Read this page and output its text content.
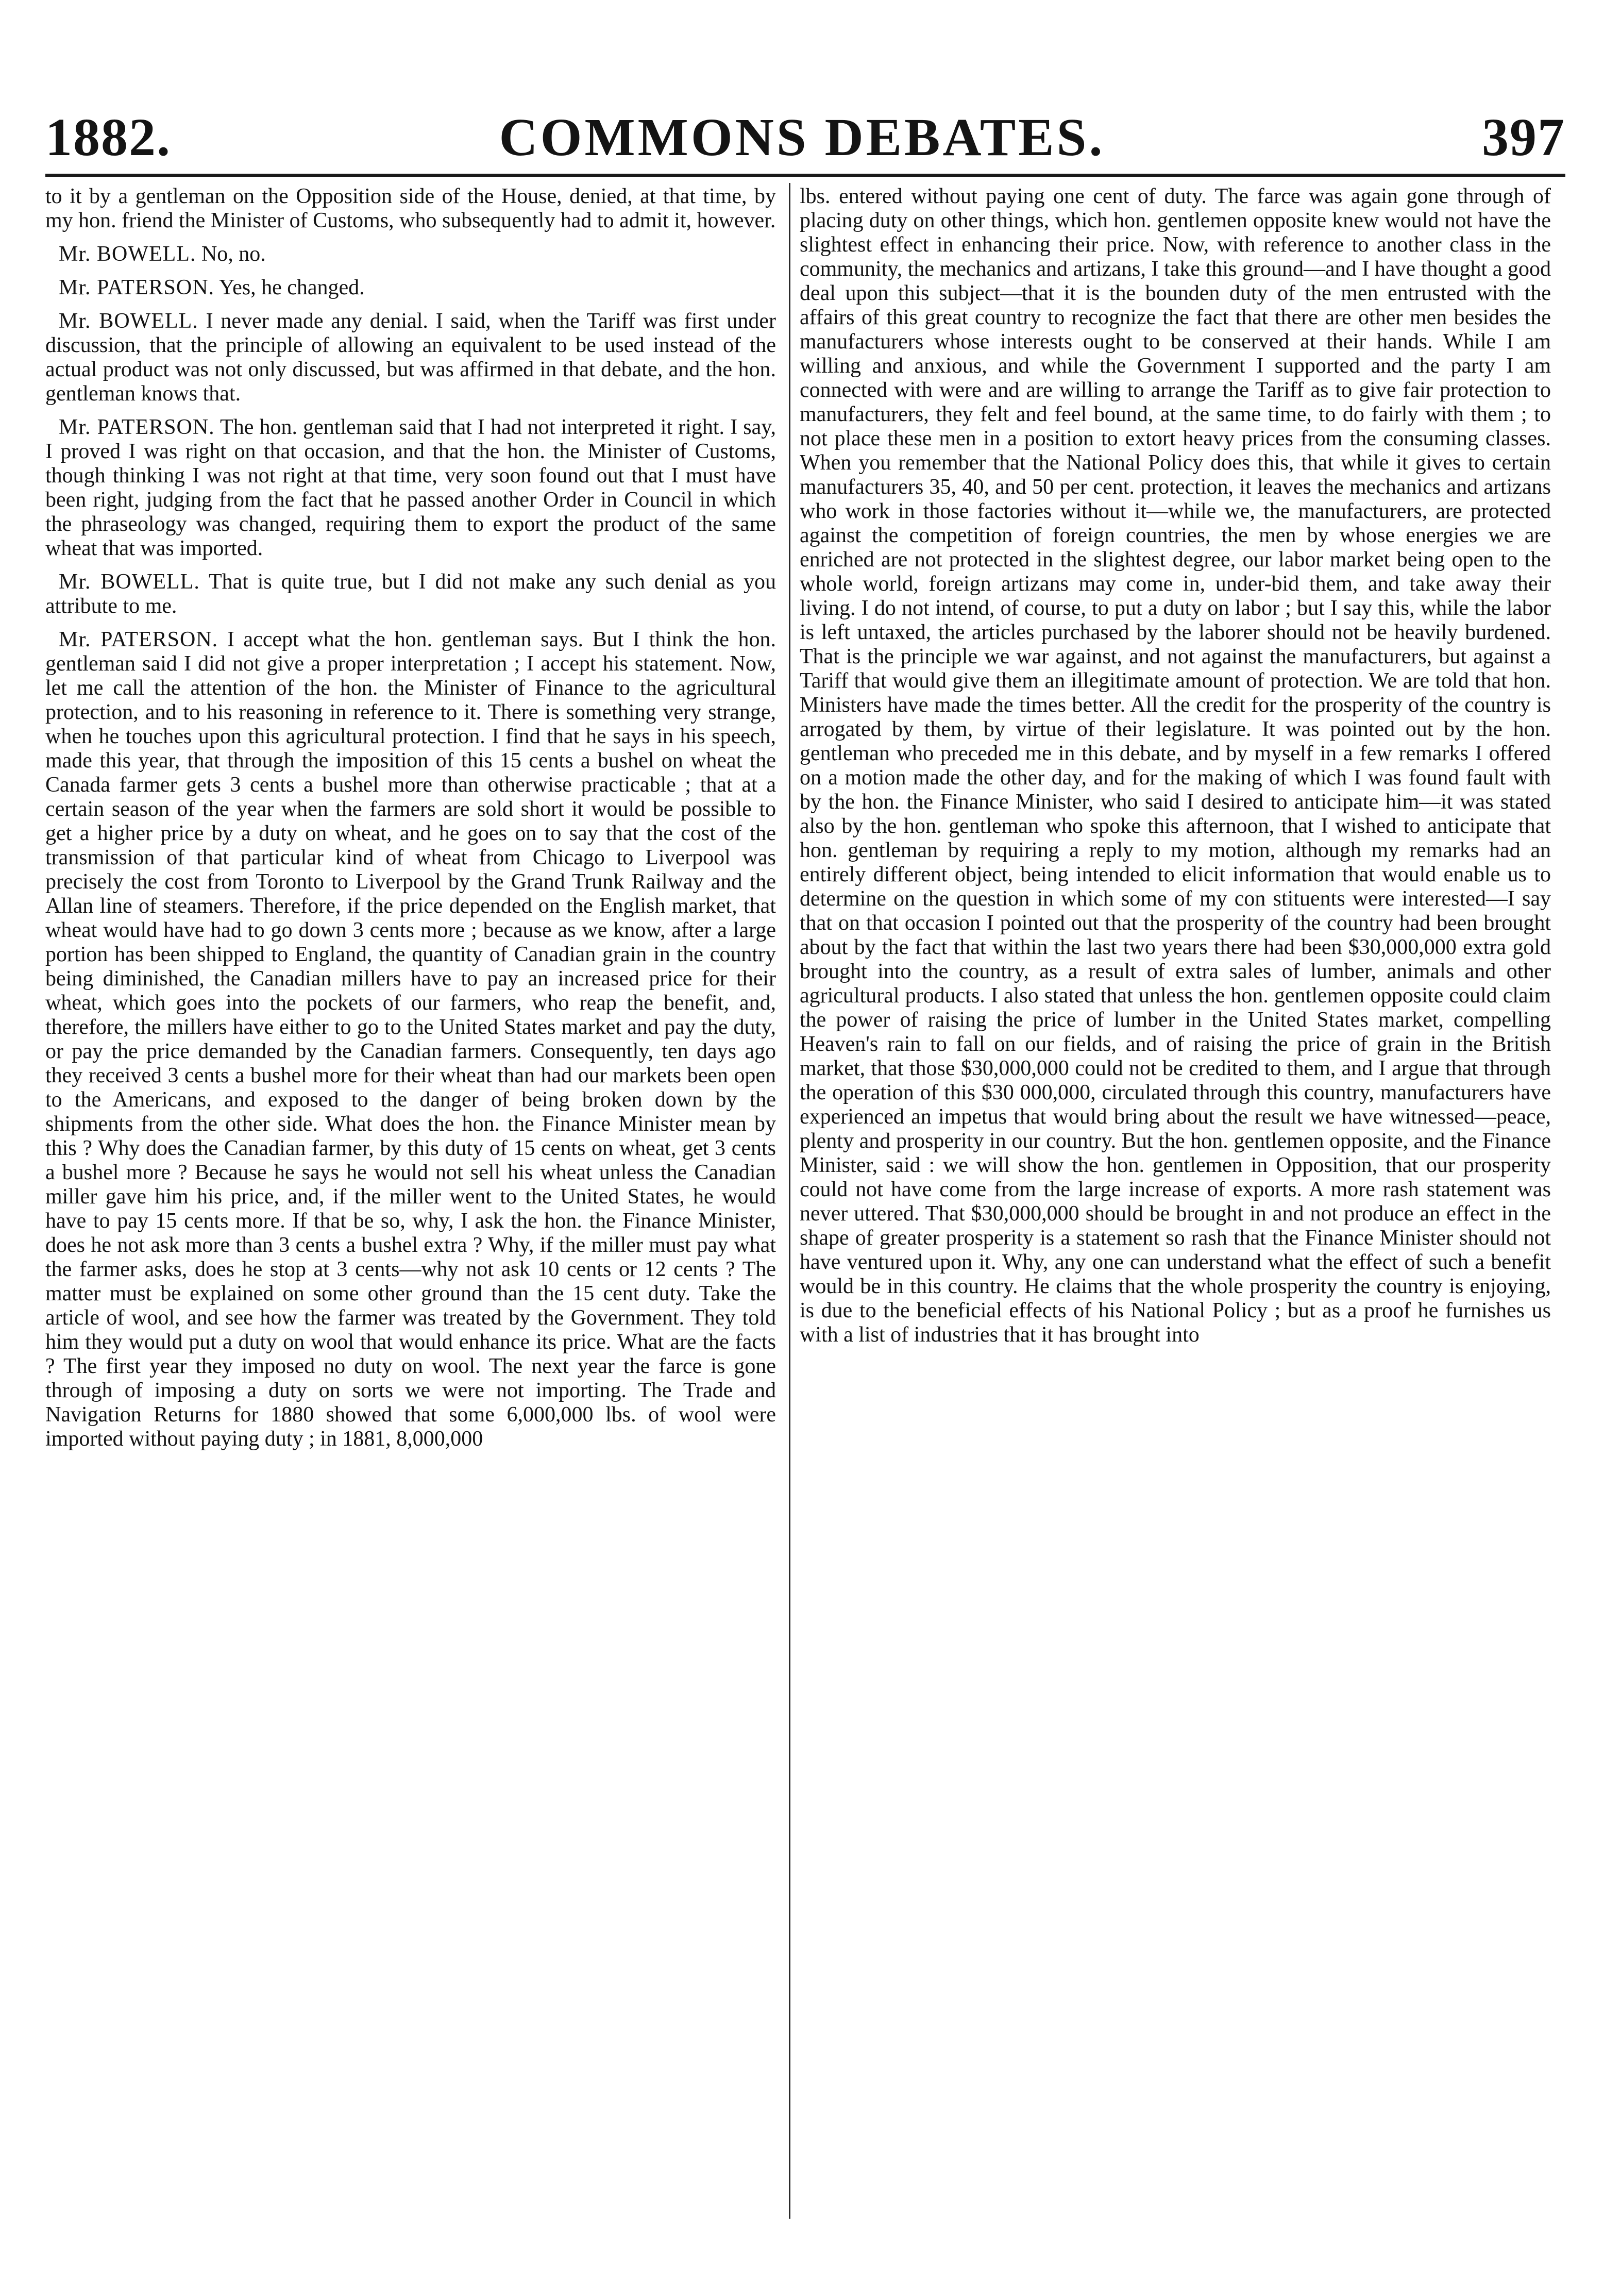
1882.	COMMONS DEBATES.	397

to it by a gentleman on the Opposition side of the House, denied, at that time, by my hon. friend the Minister of Customs, who subsequently had to admit it, however.

Mr. BOWELL. No, no.

Mr. PATERSON. Yes, he changed.

Mr. BOWELL. I never made any denial. I said, when the Tariff was first under discussion, that the principle of allowing an equivalent to be used instead of the actual product was not only discussed, but was affirmed in that debate, and the hon. gentleman knows that.

Mr. PATERSON. The hon. gentleman said that I had not interpreted it right. I say, I proved I was right on that occasion, and that the hon. the Minister of Customs, though thinking I was not right at that time, very soon found out that I must have been right, judging from the fact that he passed another Order in Council in which the phraseology was changed, requiring them to export the product of the same wheat that was imported.

Mr. BOWELL. That is quite true, but I did not make any such denial as you attribute to me.

Mr. PATERSON. I accept what the hon. gentleman says. But I think the hon. gentleman said I did not give a proper interpretation ; I accept his statement. Now, let me call the attention of the hon. the Minister of Finance to the agricultural protection, and to his reasoning in reference to it. There is something very strange, when he touches upon this agricultural protection. I find that he says in his speech, made this year, that through the imposition of this 15 cents a bushel on wheat the Canada farmer gets 3 cents a bushel more than otherwise practicable ; that at a certain season of the year when the farmers are sold short it would be possible to get a higher price by a duty on wheat, and he goes on to say that the cost of the transmission of that particular kind of wheat from Chicago to Liverpool was precisely the cost from Toronto to Liverpool by the Grand Trunk Railway and the Allan line of steamers. Therefore, if the price depended on the English market, that wheat would have had to go down 3 cents more ; because as we know, after a large portion has been shipped to England, the quantity of Canadian grain in the country being diminished, the Canadian millers have to pay an increased price for their wheat, which goes into the pockets of our farmers, who reap the benefit, and, therefore, the millers have either to go to the United States market and pay the duty, or pay the price demanded by the Canadian farmers. Consequently, ten days ago they received 3 cents a bushel more for their wheat than had our markets been open to the Americans, and exposed to the danger of being broken down by the shipments from the other side. What does the hon. the Finance Minister mean by this ? Why does the Canadian farmer, by this duty of 15 cents on wheat, get 3 cents a bushel more ? Because he says he would not sell his wheat unless the Canadian miller gave him his price, and, if the miller went to the United States, he would have to pay 15 cents more. If that be so, why, I ask the hon. the Finance Minister, does he not ask more than 3 cents a bushel extra ? Why, if the miller must pay what the farmer asks, does he stop at 3 cents—why not ask 10 cents or 12 cents ? The matter must be explained on some other ground than the 15 cent duty. Take the article of wool, and see how the farmer was treated by the Government. They told him they would put a duty on wool that would enhance its price. What are the facts ? The first year they imposed no duty on wool. The next year the farce is gone through of imposing a duty on sorts we were not importing. The Trade and Navigation Returns for 1880 showed that some 6,000,000 lbs. of wool were imported without paying duty ; in 1881, 8,000,000

lbs. entered without paying one cent of duty. The farce was again gone through of placing duty on other things, which hon. gentlemen opposite knew would not have the slightest effect in enhancing their price. Now, with reference to another class in the community, the mechanics and artizans, I take this ground—and I have thought a good deal upon this subject—that it is the bounden duty of the men entrusted with the affairs of this great country to recognize the fact that there are other men besides the manufacturers whose interests ought to be conserved at their hands. While I am willing and anxious, and while the Government I supported and the party I am connected with were and are willing to arrange the Tariff as to give fair protection to manufacturers, they felt and feel bound, at the same time, to do fairly with them ; to not place these men in a position to extort heavy prices from the consuming classes. When you remember that the National Policy does this, that while it gives to certain manufacturers 35, 40, and 50 per cent. protection, it leaves the mechanics and artizans who work in those factories without it—while we, the manufacturers, are protected against the competition of foreign countries, the men by whose energies we are enriched are not protected in the slightest degree, our labor market being open to the whole world, foreign artizans may come in, under-bid them, and take away their living. I do not intend, of course, to put a duty on labor ; but I say this, while the labor is left untaxed, the articles purchased by the laborer should not be heavily burdened. That is the principle we war against, and not against the manufacturers, but against a Tariff that would give them an illegitimate amount of protection. We are told that hon. Ministers have made the times better. All the credit for the prosperity of the country is arrogated by them, by virtue of their legislature. It was pointed out by the hon. gentleman who preceded me in this debate, and by myself in a few remarks I offered on a motion made the other day, and for the making of which I was found fault with by the hon. the Finance Minister, who said I desired to anticipate him—it was stated also by the hon. gentleman who spoke this afternoon, that I wished to anticipate that hon. gentleman by requiring a reply to my motion, although my remarks had an entirely different object, being intended to elicit information that would enable us to determine on the question in which some of my con stituents were interested—I say that on that occasion I pointed out that the prosperity of the country had been brought about by the fact that within the last two years there had been $30,000,000 extra gold brought into the country, as a result of extra sales of lumber, animals and other agricultural products. I also stated that unless the hon. gentlemen opposite could claim the power of raising the price of lumber in the United States market, compelling Heaven's rain to fall on our fields, and of raising the price of grain in the British market, that those $30,000,000 could not be credited to them, and I argue that through the operation of this $30 000,000, circulated through this country, manufacturers have experienced an impetus that would bring about the result we have witnessed—peace, plenty and prosperity in our country. But the hon. gentlemen opposite, and the Finance Minister, said : we will show the hon. gentlemen in Opposition, that our prosperity could not have come from the large increase of exports. A more rash statement was never uttered. That $30,000,000 should be brought in and not produce an effect in the shape of greater prosperity is a statement so rash that the Finance Minister should not have ventured upon it. Why, any one can understand what the effect of such a benefit would be in this country. He claims that the whole prosperity the country is enjoying, is due to the beneficial effects of his National Policy ; but as a proof he furnishes us with a list of industries that it has brought into
